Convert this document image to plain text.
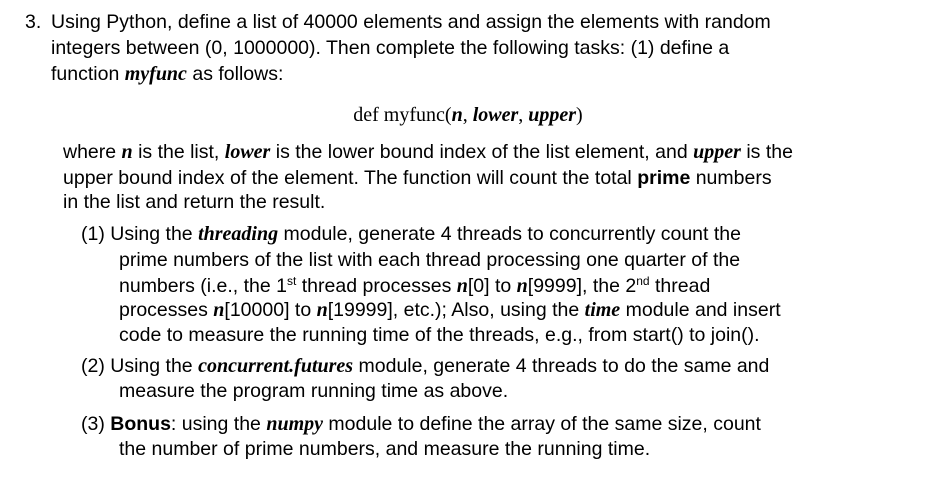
3. Using Python, define a list of 40000 elements and assign the elements with random
integers between (0, 1000000). Then complete the following tasks: (1) define a
function myfunc as follows:
def myfunc(n, lower, upper)
where n is the list, lower is the lower bound index of the list element, and upper is the
upper bound index of the element. The function will count the total prime numbers
in the list and return the result.
(1) Using the threading module, generate 4 threads to concurrently count the
prime numbers of the list with each thread processing one quarter of the
numbers (i.e., the 1st thread processes n[0] to n[9999], the 2nd thread
processes n[10000] to n[19999], etc.); Also, using the time module and insert
code to measure the running time of the threads, e.g., from start() to join().
(2) Using the concurrent.futures module, generate 4 threads to do the same and
measure the program running time as above.
(3) Bonus: using the numpy module to define the array of the same size, count
the number of prime numbers, and measure the running time.
